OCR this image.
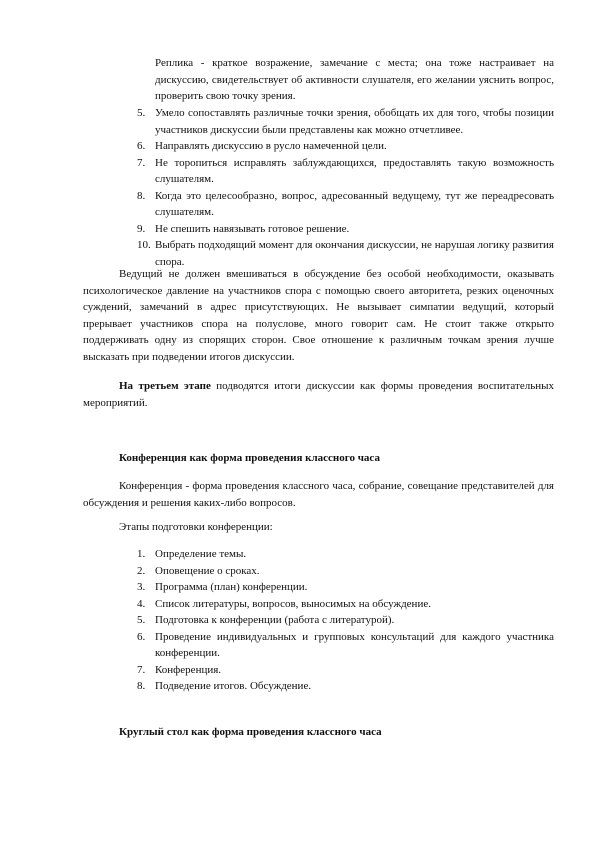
Реплика - краткое возражение, замечание с места; она тоже настраивает на дискуссию, свидетельствует об активности слушателя, его желании уяснить вопрос, проверить свою точку зрения.
5. Умело сопоставлять различные точки зрения, обобщать их для того, чтобы позиции участников дискуссии были представлены как можно отчетливее.
6. Направлять дискуссию в русло намеченной цели.
7. Не торопиться исправлять заблуждающихся, предоставлять такую возможность слушателям.
8. Когда это целесообразно, вопрос, адресованный ведущему, тут же переадресовать слушателям.
9. Не спешить навязывать готовое решение.
10. Выбрать подходящий момент для окончания дискуссии, не нарушая логику развития спора.
Ведущий не должен вмешиваться в обсуждение без особой необходимости, оказывать психологическое давление на участников спора с помощью своего авторитета, резких оценочных суждений, замечаний в адрес присутствующих. Не вызывает симпатии ведущий, который прерывает участников спора на полуслове, много говорит сам. Не стоит также открыто поддерживать одну из спорящих сторон. Свое отношение к различным точкам зрения лучше высказать при подведении итогов дискуссии.
На третьем этапе подводятся итоги дискуссии как формы проведения воспитательных мероприятий.
Конференция как форма проведения классного часа
Конференция - форма проведения классного часа, собрание, совещание представителей для обсуждения и решения каких-либо вопросов.
Этапы подготовки конференции:
1. Определение темы.
2. Оповещение о сроках.
3. Программа (план) конференции.
4. Список литературы, вопросов, выносимых на обсуждение.
5. Подготовка к конференции (работа с литературой).
6. Проведение индивидуальных и групповых консультаций для каждого участника конференции.
7. Конференция.
8. Подведение итогов. Обсуждение.
Круглый стол как форма проведения классного часа
